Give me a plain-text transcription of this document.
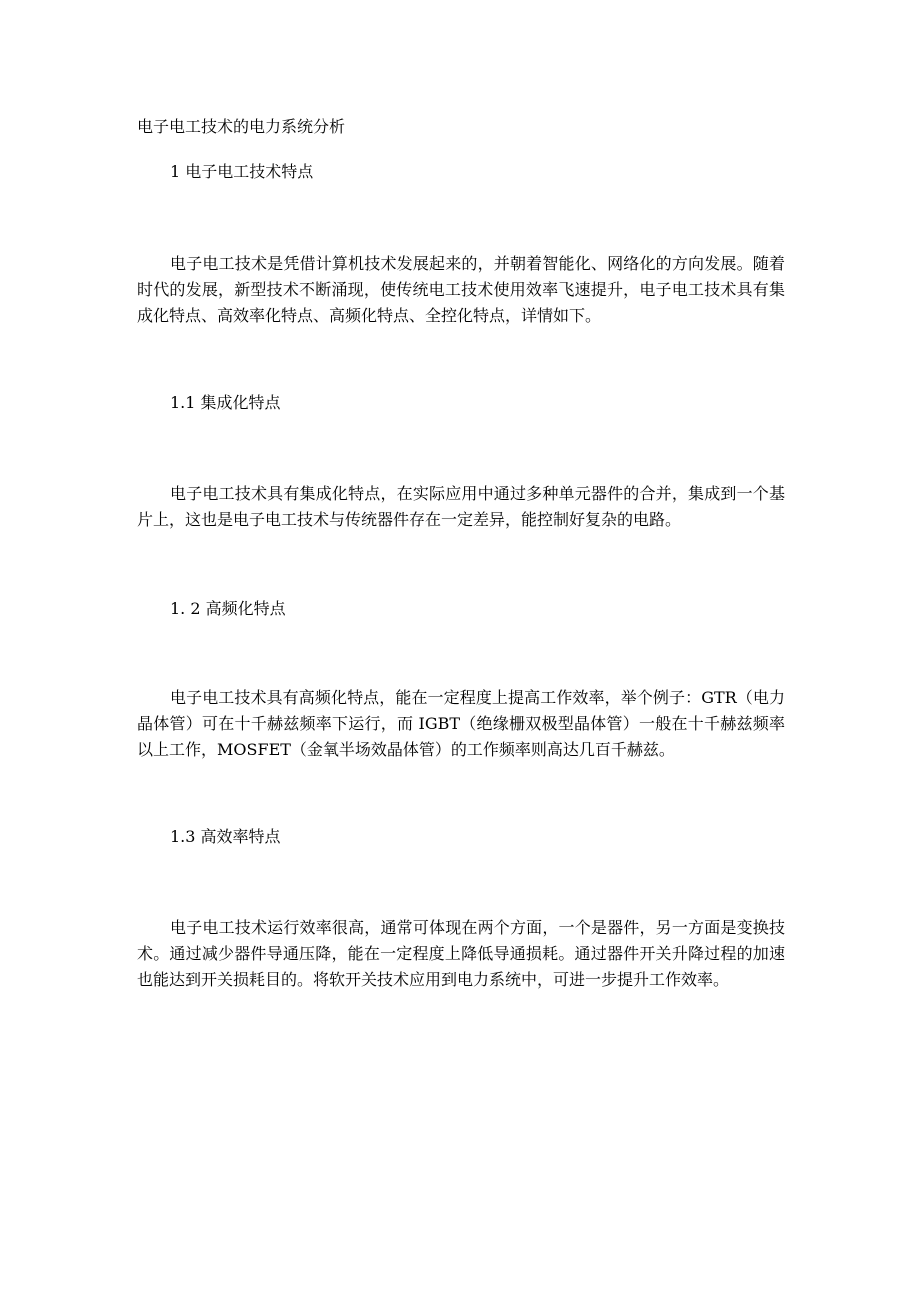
电子电工技术的电力系统分析
1 电子电工技术特点

电子电工技术是凭借计算机技术发展起来的，并朝着智能化、网络化的方向发展。随着时代的发展，新型技术不断涌现，使传统电工技术使用效率飞速提升，电子电工技术具有集成化特点、高效率化特点、高频化特点、全控化特点，详情如下。

1.1 集成化特点

电子电工技术具有集成化特点，在实际应用中通过多种单元器件的合并，集成到一个基片上，这也是电子电工技术与传统器件存在一定差异，能控制好复杂的电路。

1. 2 高频化特点

电子电工技术具有高频化特点，能在一定程度上提高工作效率，举个例子：GTR（电力晶体管）可在十千赫兹频率下运行，而 IGBT（绝缘栅双极型晶体管）一般在十千赫兹频率以上工作，MOSFET（金氧半场效晶体管）的工作频率则高达几百千赫兹。

1.3 高效率特点

电子电工技术运行效率很高，通常可体现在两个方面，一个是器件，另一方面是变换技术。通过减少器件导通压降，能在一定程度上降低导通损耗。通过器件开关升降过程的加速也能达到开关损耗目的。将软开关技术应用到电力系统中，可进一步提升工作效率。
